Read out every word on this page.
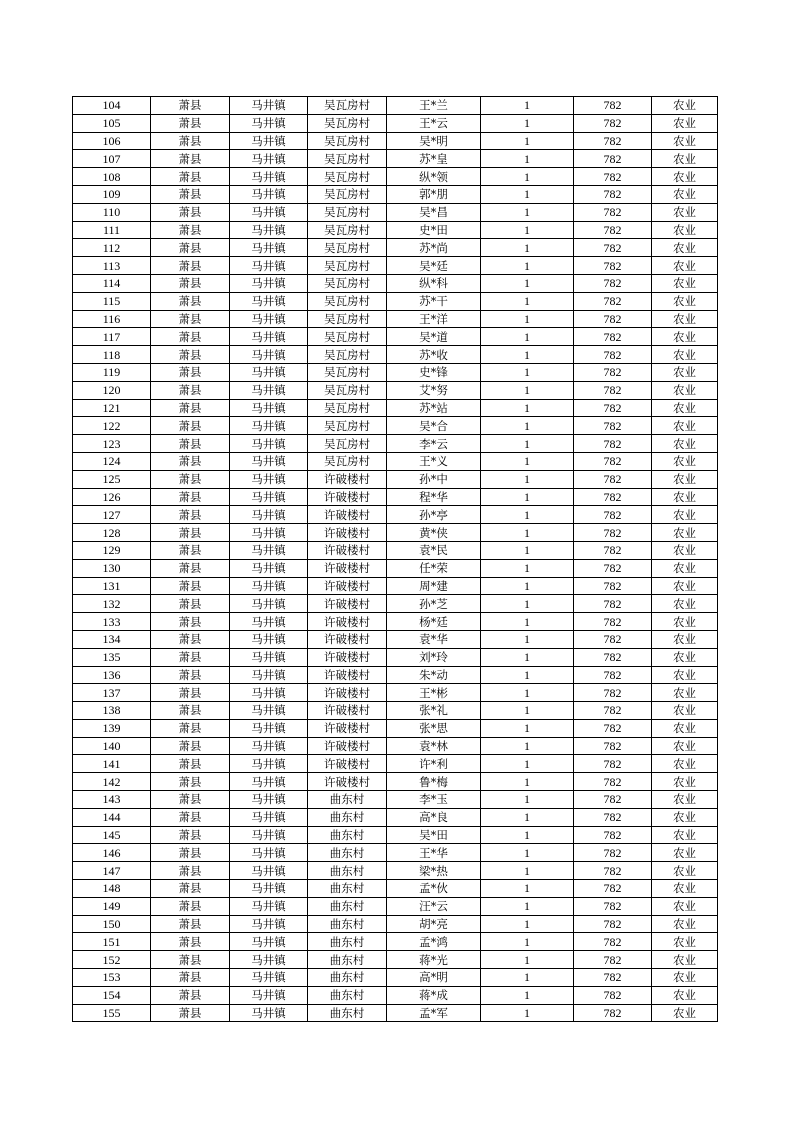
104	萧县	马井镇	吴瓦房村	王*兰	1	782	农业
105	萧县	马井镇	吴瓦房村	王*云	1	782	农业
106	萧县	马井镇	吴瓦房村	吴*明	1	782	农业
107	萧县	马井镇	吴瓦房村	苏*皇	1	782	农业
108	萧县	马井镇	吴瓦房村	纵*领	1	782	农业
109	萧县	马井镇	吴瓦房村	郭*朋	1	782	农业
110	萧县	马井镇	吴瓦房村	吴*昌	1	782	农业
111	萧县	马井镇	吴瓦房村	史*田	1	782	农业
112	萧县	马井镇	吴瓦房村	苏*尚	1	782	农业
113	萧县	马井镇	吴瓦房村	吴*廷	1	782	农业
114	萧县	马井镇	吴瓦房村	纵*科	1	782	农业
115	萧县	马井镇	吴瓦房村	苏*干	1	782	农业
116	萧县	马井镇	吴瓦房村	王*洋	1	782	农业
117	萧县	马井镇	吴瓦房村	吴*道	1	782	农业
118	萧县	马井镇	吴瓦房村	苏*收	1	782	农业
119	萧县	马井镇	吴瓦房村	史*锋	1	782	农业
120	萧县	马井镇	吴瓦房村	艾*努	1	782	农业
121	萧县	马井镇	吴瓦房村	苏*站	1	782	农业
122	萧县	马井镇	吴瓦房村	吴*合	1	782	农业
123	萧县	马井镇	吴瓦房村	李*云	1	782	农业
124	萧县	马井镇	吴瓦房村	王*义	1	782	农业
125	萧县	马井镇	许破楼村	孙*中	1	782	农业
126	萧县	马井镇	许破楼村	程*华	1	782	农业
127	萧县	马井镇	许破楼村	孙*亭	1	782	农业
128	萧县	马井镇	许破楼村	黄*侠	1	782	农业
129	萧县	马井镇	许破楼村	袁*民	1	782	农业
130	萧县	马井镇	许破楼村	任*荣	1	782	农业
131	萧县	马井镇	许破楼村	周*建	1	782	农业
132	萧县	马井镇	许破楼村	孙*芝	1	782	农业
133	萧县	马井镇	许破楼村	杨*廷	1	782	农业
134	萧县	马井镇	许破楼村	袁*华	1	782	农业
135	萧县	马井镇	许破楼村	刘*玲	1	782	农业
136	萧县	马井镇	许破楼村	朱*动	1	782	农业
137	萧县	马井镇	许破楼村	王*彬	1	782	农业
138	萧县	马井镇	许破楼村	张*礼	1	782	农业
139	萧县	马井镇	许破楼村	张*思	1	782	农业
140	萧县	马井镇	许破楼村	袁*林	1	782	农业
141	萧县	马井镇	许破楼村	许*利	1	782	农业
142	萧县	马井镇	许破楼村	鲁*梅	1	782	农业
143	萧县	马井镇	曲东村	李*玉	1	782	农业
144	萧县	马井镇	曲东村	高*良	1	782	农业
145	萧县	马井镇	曲东村	吴*田	1	782	农业
146	萧县	马井镇	曲东村	王*华	1	782	农业
147	萧县	马井镇	曲东村	梁*热	1	782	农业
148	萧县	马井镇	曲东村	孟*伙	1	782	农业
149	萧县	马井镇	曲东村	汪*云	1	782	农业
150	萧县	马井镇	曲东村	胡*亮	1	782	农业
151	萧县	马井镇	曲东村	孟*鸿	1	782	农业
152	萧县	马井镇	曲东村	蒋*光	1	782	农业
153	萧县	马井镇	曲东村	高*明	1	782	农业
154	萧县	马井镇	曲东村	蒋*成	1	782	农业
155	萧县	马井镇	曲东村	孟*军	1	782	农业
